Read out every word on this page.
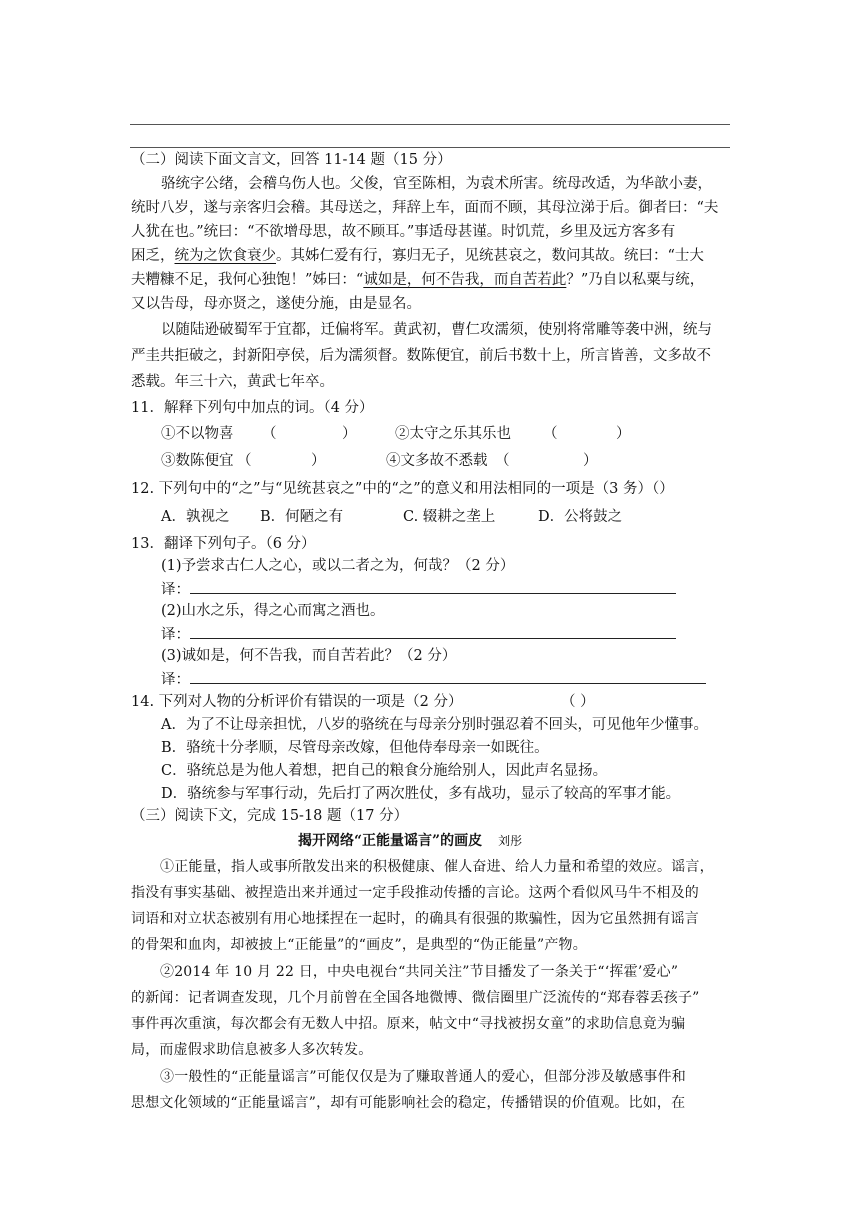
（二）阅读下面文言文，回答 11-14 题（15 分）
骆统字公绪，会稽乌伤人也。父俊，官至陈相，为袁术所害。统母改适，为华歆小妻，
统时八岁，遂与亲客归会稽。其母送之，拜辞上车，面而不顾，其母泣涕于后。御者曰：“夫
人犹在也。”统曰：“不欲增母思，故不顾耳。”事适母甚谨。时饥荒，乡里及远方客多有
困乏，统为之饮食衰少。其姊仁爱有行，寡归无子，见统甚哀之，数问其故。统曰：“士大
夫糟糠不足，我何心独饱！”姊曰：“诚如是，何不告我，而自苦若此？”乃自以私粟与统，
又以告母，母亦贤之，遂使分施，由是显名。
以随陆逊破蜀军于宜都，迁偏将军。黄武初，曹仁攻濡须，使别将常雕等袭中洲，统与
严圭共拒破之，封新阳亭侯，后为濡须督。数陈便宜，前后书数十上，所言皆善，文多故不
悉载。年三十六，黄武七年卒。
11．解释下列句中加点的词。（4 分）
①不以物喜 （	）	②太守之乐其乐也 （	）
③数陈便宜 （	）	④文多故不悉载 （	）
12. 下列句中的“之”与“见统甚哀之”中的“之”的意义和用法相同的一项是（3 务）（）
A．孰视之 B．何陋之有	C. 辍耕之垄上	D．公将鼓之
13．翻译下列句子。（6 分）
(1)予尝求古仁人之心，或以二者之为，何哉？（2 分）
译：
(2)山水之乐，得之心而寓之酒也。
译：
(3)诚如是，何不告我，而自苦若此？（2 分）
译：
14. 下列对人物的分析评价有错误的一项是（2 分）	（ ）
A．为了不让母亲担忧，八岁的骆统在与母亲分别时强忍着不回头，可见他年少懂事。
B．骆统十分孝顺，尽管母亲改嫁，但他侍奉母亲一如既往。
C．骆统总是为他人着想，把自己的粮食分施给别人，因此声名显扬。
D．骆统参与军事行动，先后打了两次胜仗，多有战功，显示了较高的军事才能。
（三）阅读下文，完成 15-18 题（17 分）
揭开网络“正能量谣言”的画皮 刘彤
①正能量，指人或事所散发出来的积极健康、催人奋进、给人力量和希望的效应。谣言，
指没有事实基础、被捏造出来并通过一定手段推动传播的言论。这两个看似风马牛不相及的
词语和对立状态被别有用心地揉捏在一起时，的确具有很强的欺骗性，因为它虽然拥有谣言
的骨架和血肉，却被披上“正能量”的“画皮”，是典型的“伪正能量”产物。
②2014 年 10 月 22 日，中央电视台“共同关注”节目播发了一条关于“‘挥霍’爱心”
的新闻：记者调查发现，几个月前曾在全国各地微博、微信圈里广泛流传的“郑春蓉丢孩子”
事件再次重演，每次都会有无数人中招。原来，帖文中“寻找被拐女童”的求助信息竟为骗
局，而虚假求助信息被多人多次转发。
③一般性的“正能量谣言”可能仅仅是为了赚取普通人的爱心，但部分涉及敏感事件和
思想文化领域的“正能量谣言”，却有可能影响社会的稳定，传播错误的价值观。比如，在
